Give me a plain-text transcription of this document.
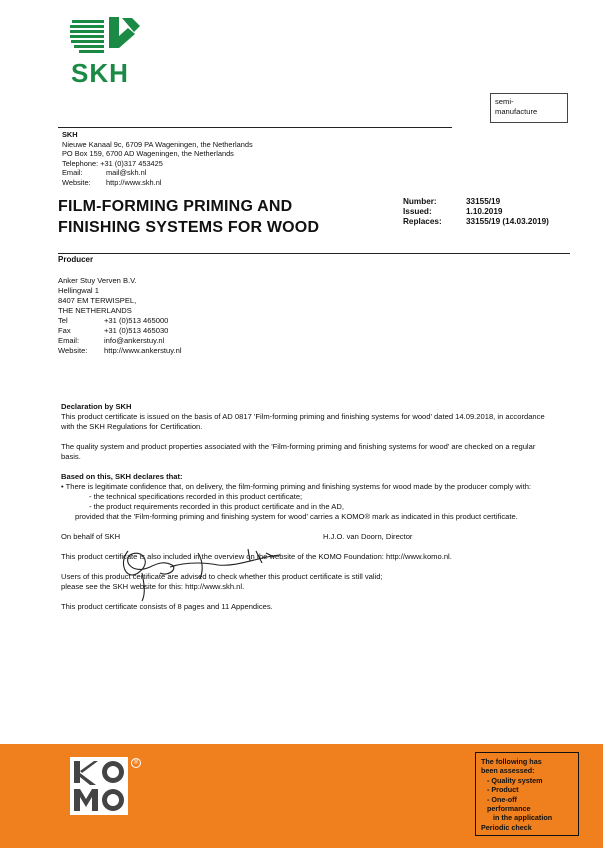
SKH
semi-
manufacture
SKH
Nieuwe Kanaal 9c, 6709 PA Wageningen, the Netherlands
PO Box 159, 6700 AD Wageningen, the Netherlands
Telephone: +31 (0)317 453425
Email:	mail@skh.nl
Website:	http://www.skh.nl
FILM-FORMING PRIMING AND
FINISHING SYSTEMS FOR WOOD
Number:	33155/19
Issued:	1.10.2019
Replaces:	33155/19 (14.03.2019)
Producer
Anker Stuy Verven B.V.
Hellingwal 1
8407 EM TERWISPEL,
THE NETHERLANDS
Tel	+31 (0)513 465000
Fax	+31 (0)513 465030
Email:	info@ankerstuy.nl
Website:	http://www.ankerstuy.nl

Declaration by SKH

This product certificate is issued on the basis of AD 0817 'Film-forming priming and finishing systems for wood' dated 14.09.2018, in accordance with the SKH Regulations for Certification.

The quality system and product properties associated with the 'Film-forming priming and finishing systems for wood' are checked on a regular basis.

Based on this, SKH declares that:

• There is legitimate confidence that, on delivery, the film-forming priming and finishing systems for wood made by the producer comply with:

- the technical specifications recorded in this product certificate;

- the product requirements recorded in this product certificate and in the AD,

provided that the 'Film-forming priming and finishing system for wood' carries a KOMO® mark as indicated in this product certificate.

On behalf of SKH	H.J.O. van Doorn, Director

This product certificate is also included in the overview on the website of the KOMO Foundation: http://www.komo.nl.

Users of this product certificate are advised to check whether this product certificate is still valid;

please see the SKH website for this: http://www.skh.nl.

This product certificate consists of 8 pages and 11 Appendices.

®	The following has
been assessed:
- Quality system
- Product
- One-off
performance
in the application
Periodic check
